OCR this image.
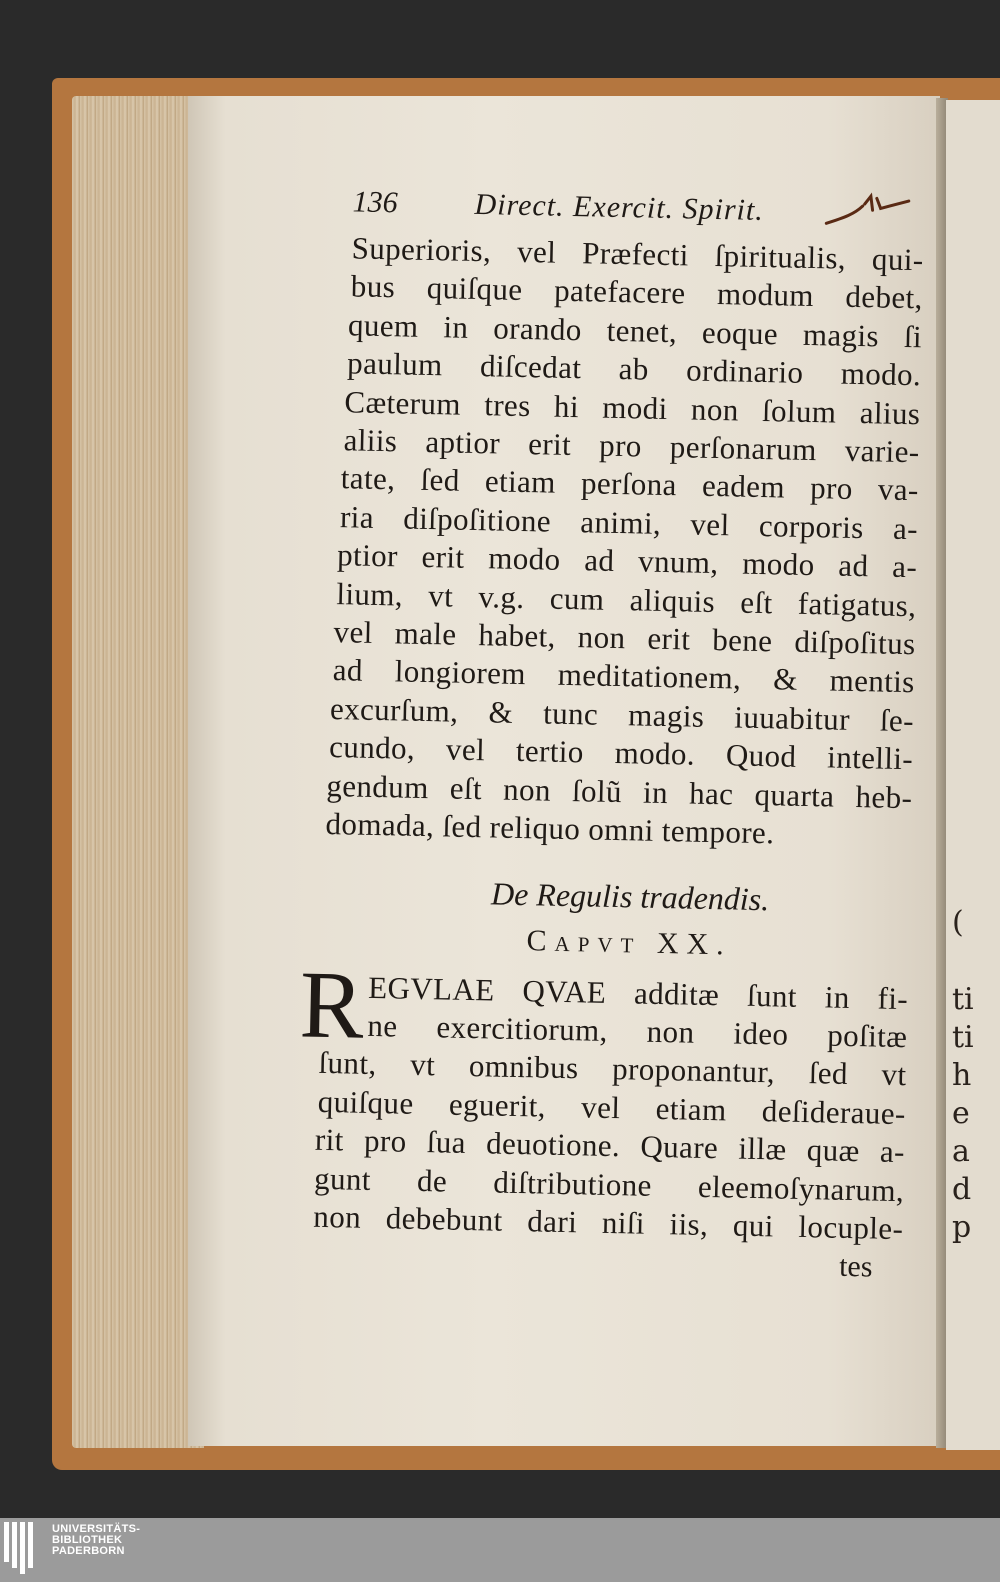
(
ti
ti
h
e
a
d
p
136	Direct. Exercit. Spirit.
Superioris, vel Præfecti ſpiritualis, qui-
bus quiſque patefacere modum debet,
quem in orando tenet, eoque magis ſi
paulum diſcedat ab ordinario modo.
Cæterum tres hi modi non ſolum alius
aliis aptior erit pro perſonarum varie-
tate, ſed etiam perſona eadem pro va-
ria diſpoſitione animi, vel corporis a-
ptior erit modo ad vnum, modo ad a-
lium, vt v.g. cum aliquis eſt fatigatus,
vel male habet, non erit bene diſpoſitus
ad longiorem meditationem, & mentis
excurſum, & tunc magis iuuabitur ſe-
cundo, vel tertio modo. Quod intelli-
gendum eſt non ſolũ in hac quarta heb-
domada, ſed reliquo omni tempore.
De Regulis tradendis.
Capvt XX.
R EGVLAE QVAE additæ ſunt in fi-
ne exercitiorum, non ideo poſitæ
ſunt, vt omnibus proponantur, ſed vt
quiſque eguerit, vel etiam deſideraue-
rit pro ſua deuotione. Quare illæ quæ a-
gunt de diſtributione eleemoſynarum,
non debebunt dari niſi iis, qui locuple-
tes
UNIVERSITÄTS-
BIBLIOTHEK
PADERBORN
